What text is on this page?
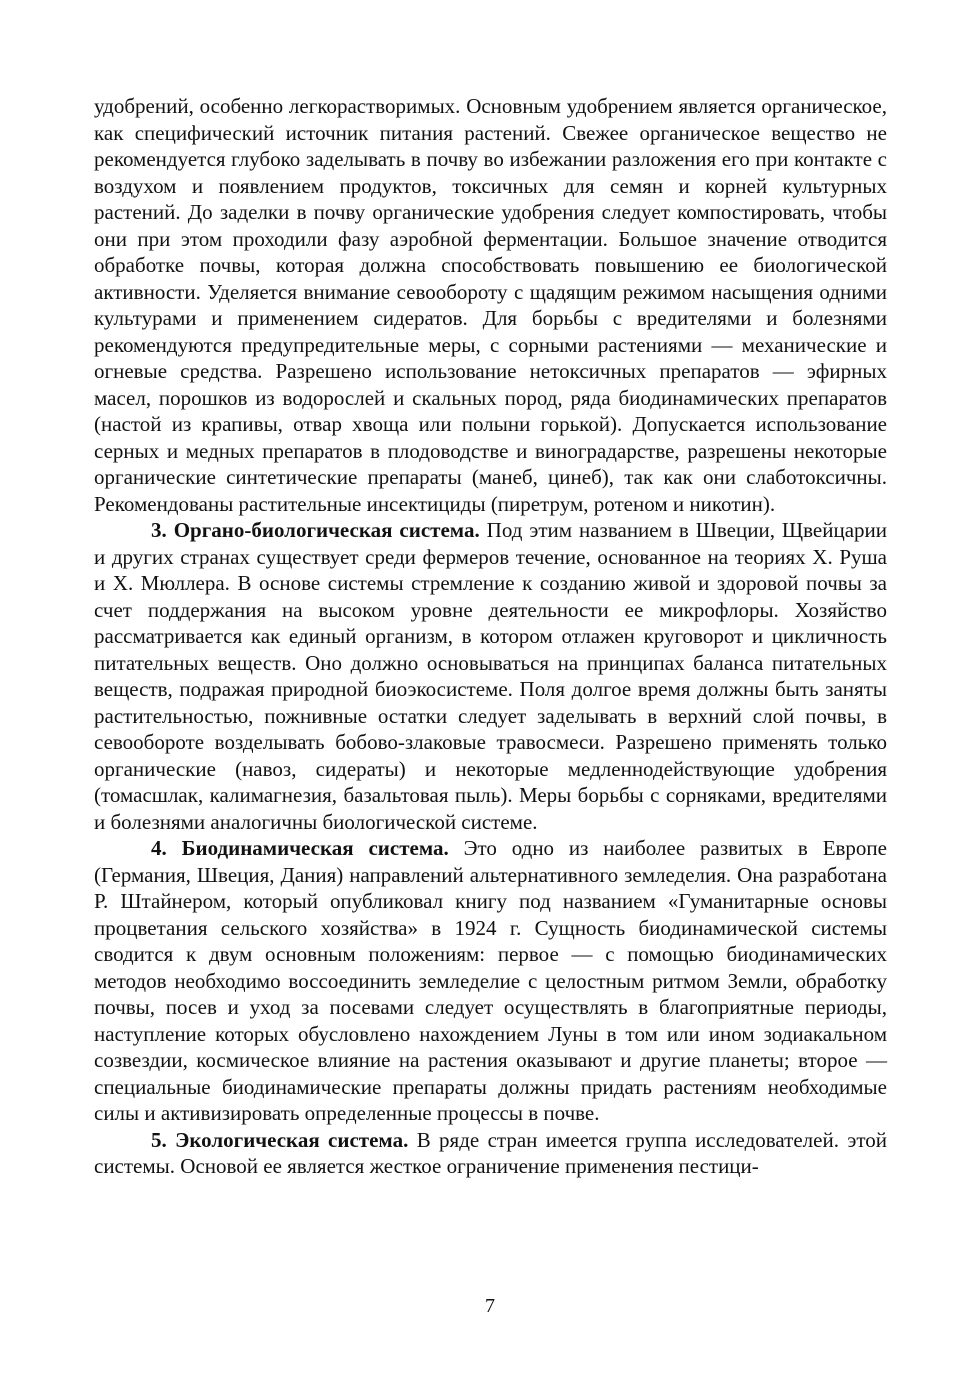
удобрений, особенно легкорастворимых. Основным удобрением является органическое, как специфический источник питания растений. Свежее органическое вещество не рекомендуется глубоко заделывать в почву во избежании разложения его при контакте с воздухом и появлением продуктов, токсичных для семян и корней культурных растений. До заделки в почву органические удобрения следует компостировать, чтобы они при этом проходили фазу аэробной ферментации. Большое значение отводится обработке почвы, которая должна способствовать повышению ее биологической активности. Уделяется внимание севообороту с щадящим режимом насыщения одними культурами и применением сидератов. Для борьбы с вредителями и болезнями рекомендуются предупредительные меры, с сорными растениями — механические и огневые средства. Разрешено использование нетоксичных препаратов — эфирных масел, порошков из водорослей и скальных пород, ряда биодинамических препаратов (настой из крапивы, отвар хвоща или полыни горькой). Допускается использование серных и медных препаратов в плодоводстве и виноградарстве, разрешены некоторые органические синтетические препараты (манеб, цинеб), так как они слаботоксичны. Рекомендованы растительные инсектициды (пиретрум, ротеном и никотин).

3. Органо-биологическая система. Под этим названием в Швеции, Щвейцарии и других странах существует среди фермеров течение, основанное на теориях Х. Руша и Х. Мюллера. В основе системы стремление к созданию живой и здоровой почвы за счет поддержания на высоком уровне деятельности ее микрофлоры. Хозяйство рассматривается как единый организм, в котором отлажен круговорот и цикличность питательных веществ. Оно должно основываться на принципах баланса питательных веществ, подражая природной биоэкосистеме. Поля долгое время должны быть заняты растительностью, пожнивные остатки следует заделывать в верхний слой почвы, в севообороте возделывать бобово-злаковые травосмеси. Разрешено применять только органические (навоз, сидераты) и некоторые медленнодействующие удобрения (томасшлак, калимагнезия, базальтовая пыль). Меры борьбы с сорняками, вредителями и болезнями аналогичны биологической системе.

4. Биодинамическая система. Это одно из наиболее развитых в Европе (Германия, Швеция, Дания) направлений альтернативного земледелия. Она разработана Р. Штайнером, который опубликовал книгу под названием «Гуманитарные основы процветания сельского хозяйства» в 1924 г. Сущность биодинамической системы сводится к двум основным положениям: первое — с помощью биодинамических методов необходимо воссоединить земледелие с целостным ритмом Земли, обработку почвы, посев и уход за посевами следует осуществлять в благоприятные периоды, наступление которых обусловлено нахождением Луны в том или ином зодиакальном созвездии, космическое влияние на растения оказывают и другие планеты; второе — специальные биодинамические препараты должны придать растениям необходимые силы и активизировать определенные процессы в почве.

5. Экологическая система. В ряде стран имеется группа исследователей. этой системы. Основой ее является жесткое ограничение применения пестици-

7
